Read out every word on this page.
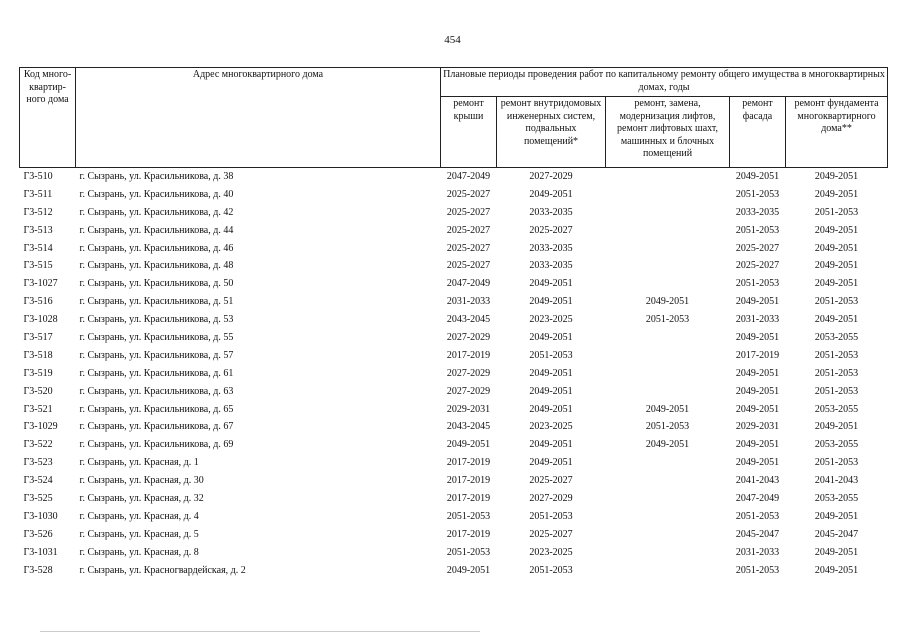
454
Код много-квартир-ного дома	Адрес многоквартирного дома	Плановые периоды проведения работ по капитальному ремонту общего имущества в многоквартирных домах, годы				
		ремонт крыши	ремонт внутридомовых инженерных систем, подвальных помещений*	ремонт, замена, модернизация лифтов, ремонт лифтовых шахт, машинных и блочных помещений	ремонт фасада	ремонт фундамента многоквартирного дома**
Г3-510	г. Сызрань, ул. Красильникова, д. 38	2047-2049	2027-2029		2049-2051	2049-2051
Г3-511	г. Сызрань, ул. Красильникова, д. 40	2025-2027	2049-2051		2051-2053	2049-2051
Г3-512	г. Сызрань, ул. Красильникова, д. 42	2025-2027	2033-2035		2033-2035	2051-2053
Г3-513	г. Сызрань, ул. Красильникова, д. 44	2025-2027	2025-2027		2051-2053	2049-2051
Г3-514	г. Сызрань, ул. Красильникова, д. 46	2025-2027	2033-2035		2025-2027	2049-2051
Г3-515	г. Сызрань, ул. Красильникова, д. 48	2025-2027	2033-2035		2025-2027	2049-2051
Г3-1027	г. Сызрань, ул. Красильникова, д. 50	2047-2049	2049-2051		2051-2053	2049-2051
Г3-516	г. Сызрань, ул. Красильникова, д. 51	2031-2033	2049-2051	2049-2051	2049-2051	2051-2053
Г3-1028	г. Сызрань, ул. Красильникова, д. 53	2043-2045	2023-2025	2051-2053	2031-2033	2049-2051
Г3-517	г. Сызрань, ул. Красильникова, д. 55	2027-2029	2049-2051		2049-2051	2053-2055
Г3-518	г. Сызрань, ул. Красильникова, д. 57	2017-2019	2051-2053		2017-2019	2051-2053
Г3-519	г. Сызрань, ул. Красильникова, д. 61	2027-2029	2049-2051		2049-2051	2051-2053
Г3-520	г. Сызрань, ул. Красильникова, д. 63	2027-2029	2049-2051		2049-2051	2051-2053
Г3-521	г. Сызрань, ул. Красильникова, д. 65	2029-2031	2049-2051	2049-2051	2049-2051	2053-2055
Г3-1029	г. Сызрань, ул. Красильникова, д. 67	2043-2045	2023-2025	2051-2053	2029-2031	2049-2051
Г3-522	г. Сызрань, ул. Красильникова, д. 69	2049-2051	2049-2051	2049-2051	2049-2051	2053-2055
Г3-523	г. Сызрань, ул. Красная, д. 1	2017-2019	2049-2051		2049-2051	2051-2053
Г3-524	г. Сызрань, ул. Красная, д. 30	2017-2019	2025-2027		2041-2043	2041-2043
Г3-525	г. Сызрань, ул. Красная, д. 32	2017-2019	2027-2029		2047-2049	2053-2055
Г3-1030	г. Сызрань, ул. Красная, д. 4	2051-2053	2051-2053		2051-2053	2049-2051
Г3-526	г. Сызрань, ул. Красная, д. 5	2017-2019	2025-2027		2045-2047	2045-2047
Г3-1031	г. Сызрань, ул. Красная, д. 8	2051-2053	2023-2025		2031-2033	2049-2051
Г3-528	г. Сызрань, ул. Красногвардейская, д. 2	2049-2051	2051-2053		2051-2053	2049-2051
